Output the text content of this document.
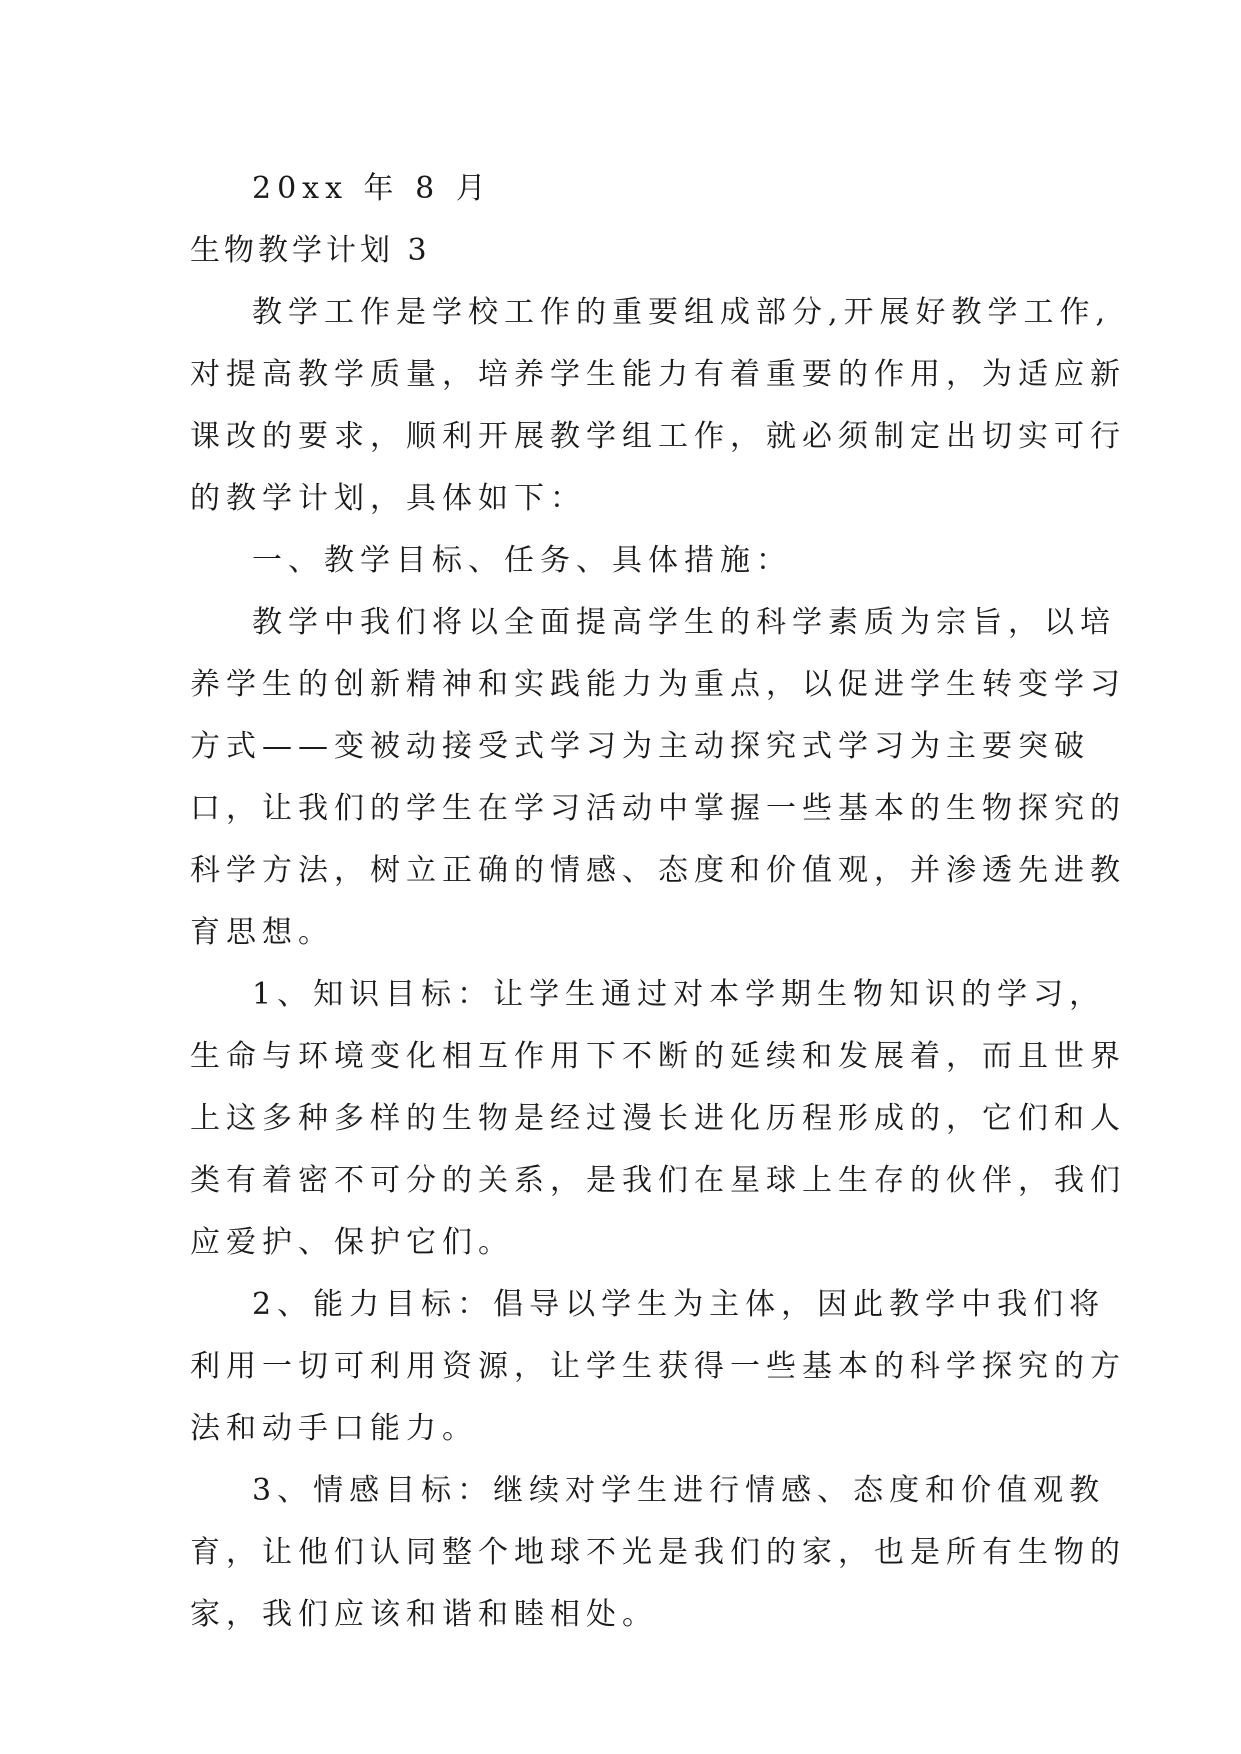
20xx 年 8 月
生物教学计划 3
教学工作是学校工作的重要组成部分,开展好教学工作,
对提高教学质量，培养学生能力有着重要的作用，为适应新
课改的要求，顺利开展教学组工作，就必须制定出切实可行
的教学计划，具体如下：
一、教学目标、任务、具体措施：
教学中我们将以全面提高学生的科学素质为宗旨，以培
养学生的创新精神和实践能力为重点，以促进学生转变学习
方式——变被动接受式学习为主动探究式学习为主要突破
口，让我们的学生在学习活动中掌握一些基本的生物探究的
科学方法，树立正确的情感、态度和价值观，并渗透先进教
育思想。
1、知识目标：让学生通过对本学期生物知识的学习，
生命与环境变化相互作用下不断的延续和发展着，而且世界
上这多种多样的生物是经过漫长进化历程形成的，它们和人
类有着密不可分的关系，是我们在星球上生存的伙伴，我们
应爱护、保护它们。
2、能力目标：倡导以学生为主体，因此教学中我们将
利用一切可利用资源，让学生获得一些基本的科学探究的方
法和动手口能力。
3、情感目标：继续对学生进行情感、态度和价值观教
育，让他们认同整个地球不光是我们的家，也是所有生物的
家，我们应该和谐和睦相处。
